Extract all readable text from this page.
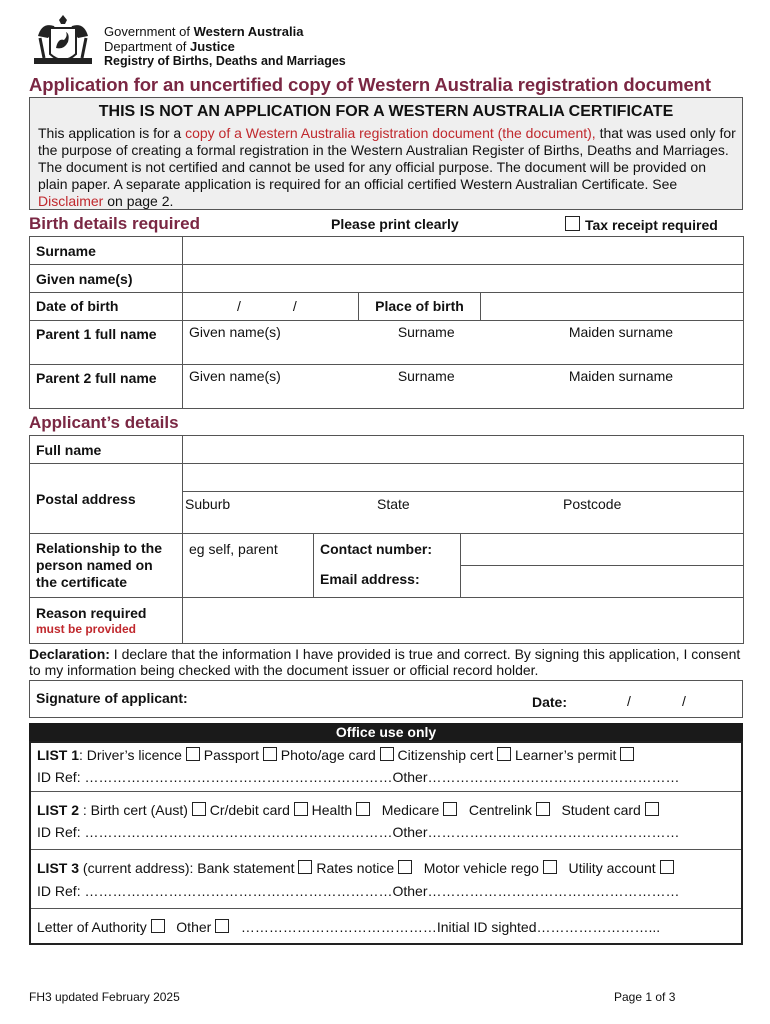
Government of Western Australia
Department of Justice
Registry of Births, Deaths and Marriages
Application for an uncertified copy of Western Australia registration document
THIS IS NOT AN APPLICATION FOR A WESTERN AUSTRALIA CERTIFICATE
This application is for a copy of a Western Australia registration document (the document), that was used only for the purpose of creating a formal registration in the Western Australian Register of Births, Deaths and Marriages. The document is not certified and cannot be used for any official purpose. The document will be provided on plain paper. A separate application is required for an official certified Western Australian Certificate. See Disclaimer on page 2.
Birth details required	Please print clearly	Tax receipt required
Surname			
Given name(s)			
Date of birth	/ /	Place of birth	
Parent 1 full name	Given name(s) Surname Maiden surname		

Parent 2 full name	Given name(s) Surname Maiden surname		
Applicant’s details
Full name			
Postal address	Suburb State Postcode		

Relationship to the person named on the certificate	eg self, parent	Contact number:	
		Email address:	

Reason required
must be provided			

Declaration: I declare that the information I have provided is true and correct. By signing this application, I consent to my information being checked with the document issuer or official record holder.
Signature of applicant:	Date:	/	/
Office use only
LIST 1: Driver’s licence Passport Photo/age card Citizenship cert Learner’s permit
ID Ref: …………………………………………………………Other………………………………………………
LIST 2 : Birth cert (Aust) Cr/debit card Health Medicare Centrelink Student card
ID Ref: …………………………………………………………Other………………………………………………
LIST 3 (current address): Bank statement Rates notice Motor vehicle rego Utility account
ID Ref: …………………………………………………………Other………………………………………………
Letter of Authority Other ……………………………………Initial ID sighted……………………...
FH3 updated February 2025	Page 1 of 3
